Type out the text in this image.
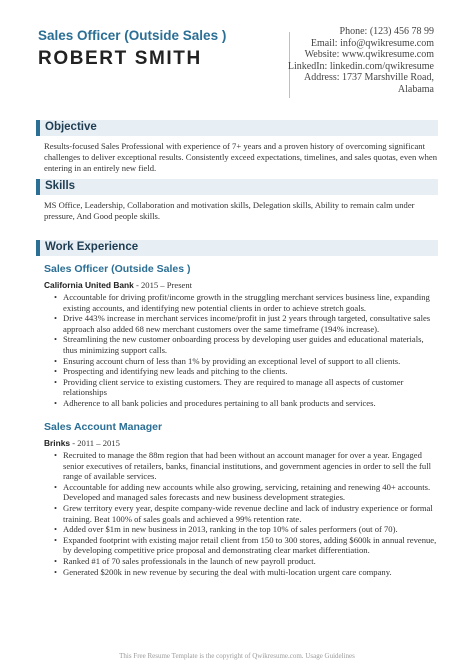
Sales Officer (Outside Sales )
ROBERT SMITH
Phone: (123) 456 78 99
Email: info@qwikresume.com
Website: www.qwikresume.com
LinkedIn: linkedin.com/qwikresume
Address: 1737 Marshville Road,
Alabama
Objective
Results-focused Sales Professional with experience of 7+ years and a proven history of overcoming significant challenges to deliver exceptional results. Consistently exceed expectations, timelines, and sales quotas, even when entering in an entirely new field.
Skills
MS Office, Leadership, Collaboration and motivation skills, Delegation skills, Ability to remain calm under pressure, And Good people skills.
Work Experience
Sales Officer (Outside Sales )
California United Bank - 2015 – Present
• Accountable for driving profit/income growth in the struggling merchant services business line, expanding existing accounts, and identifying new potential clients in order to achieve stretch goals.
• Drive 443% increase in merchant services income/profit in just 2 years through targeted, consultative sales approach also added 68 new merchant customers over the same timeframe (194% increase).
• Streamlining the new customer onboarding process by developing user guides and educational materials, thus minimizing support calls.
• Ensuring account churn of less than 1% by providing an exceptional level of support to all clients.
• Prospecting and identifying new leads and pitching to the clients.
• Providing client service to existing customers. They are required to manage all aspects of customer relationships
• Adherence to all bank policies and procedures pertaining to all bank products and services.
Sales Account Manager
Brinks - 2011 – 2015
• Recruited to manage the 88m region that had been without an account manager for over a year. Engaged senior executives of retailers, banks, financial institutions, and government agencies in order to sell the full range of available services.
• Accountable for adding new accounts while also growing, servicing, retaining and renewing 40+ accounts. Developed and managed sales forecasts and new business development strategies.
• Grew territory every year, despite company-wide revenue decline and lack of industry experience or formal training. Beat 100% of sales goals and achieved a 99% retention rate.
• Added over $1m in new business in 2013, ranking in the top 10% of sales performers (out of 70).
• Expanded footprint with existing major retail client from 150 to 300 stores, adding $600k in annual revenue, by developing competitive price proposal and demonstrating clear market differentiation.
• Ranked #1 of 70 sales professionals in the launch of new payroll product.
• Generated $200k in new revenue by securing the deal with multi-location urgent care company.
This Free Resume Template is the copyright of Qwikresume.com. Usage Guidelines
